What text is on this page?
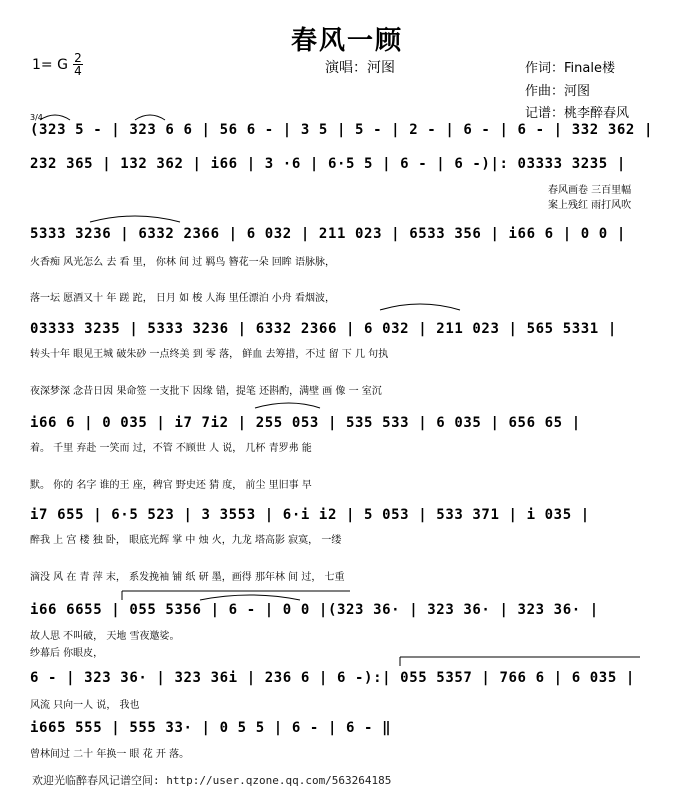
春风一顾
1= G 2
4	演唱：河图	作词：Finale楼
作曲：河图
记谱：桃李醉春风
3/4
(323 5 - | 323 6 6 | 56 6 - | 3 5 | 5 - | 2 - | 6 - | 6 - | 332 362 |
232 365 | 132 362 | i66 | 3 ·6 | 6·5 5 | 6 - | 6 -)|: 03333 3235 |
春风画卷 三百里幅
案上残红 雨打风吹
5333 3236 | 6332 2366 | 6 032 | 211 023 | 6533 356 | i66 6 | 0 0 |
火香痴 风光怎么 去 看 里， 你林 间 过 羁鸟 簪花一朵 回眸 语脉脉，
落一坛 愿酒又十 年 蹉 跎， 日月 如 梭 人海 里任漂泊 小舟 看烟波，
03333 3235 | 5333 3236 | 6332 2366 | 6 032 | 211 023 | 565 5331 |
转头十年 眼见王城 破朱砂 一点终美 到 零 落， 鲜血 去筹措，不过 留 下 几 句执
夜深梦深 念昔日因 果命签 一支批下 因缘 错，提笔 还斟酌，满壁 画 像 一 室沉
i66 6 | 0 035 | i7 7i2 | 255 053 | 535 533 | 6 035 | 656 65 |
着。 千里 弃赴 一笑而 过，不管 不顾世 人 说， 几杯 青罗弗 能
默。 你的 名字 谁的王 座，稗官 野史还 猜 度， 前尘 里旧事 早
i7 655 | 6·5 523 | 3 3553 | 6·i i2 | 5 053 | 533 371 | i 035 |
醉我 上 宫 楼 独 卧， 眼底光辉 掌 中 烛 火，九龙 塔高影 寂寞， 一缕
滴没 风 在 青 萍 末， 系发挽袖 铺 纸 研 墨，画得 那年林 间 过， 七重
i66 6655 | 055 5356 | 6 - | 0 0 |(323 36· | 323 36· | 323 36· |
故人思 不叫破， 天地 雪夜邀娑。
纱幕后 你眼皮，
6 - | 323 36· | 323 36i | 236 6 | 6 -):| 055 5357 | 766 6 | 6 035 |
风流 只向一人 说， 我也
i665 555 | 555 33· | 0 5 5 | 6 - | 6 - ‖
曾林间过 二十 年换一 眼 花 开 落。
欢迎光临醉春风记谱空间: http://user.qzone.qq.com/563264185
